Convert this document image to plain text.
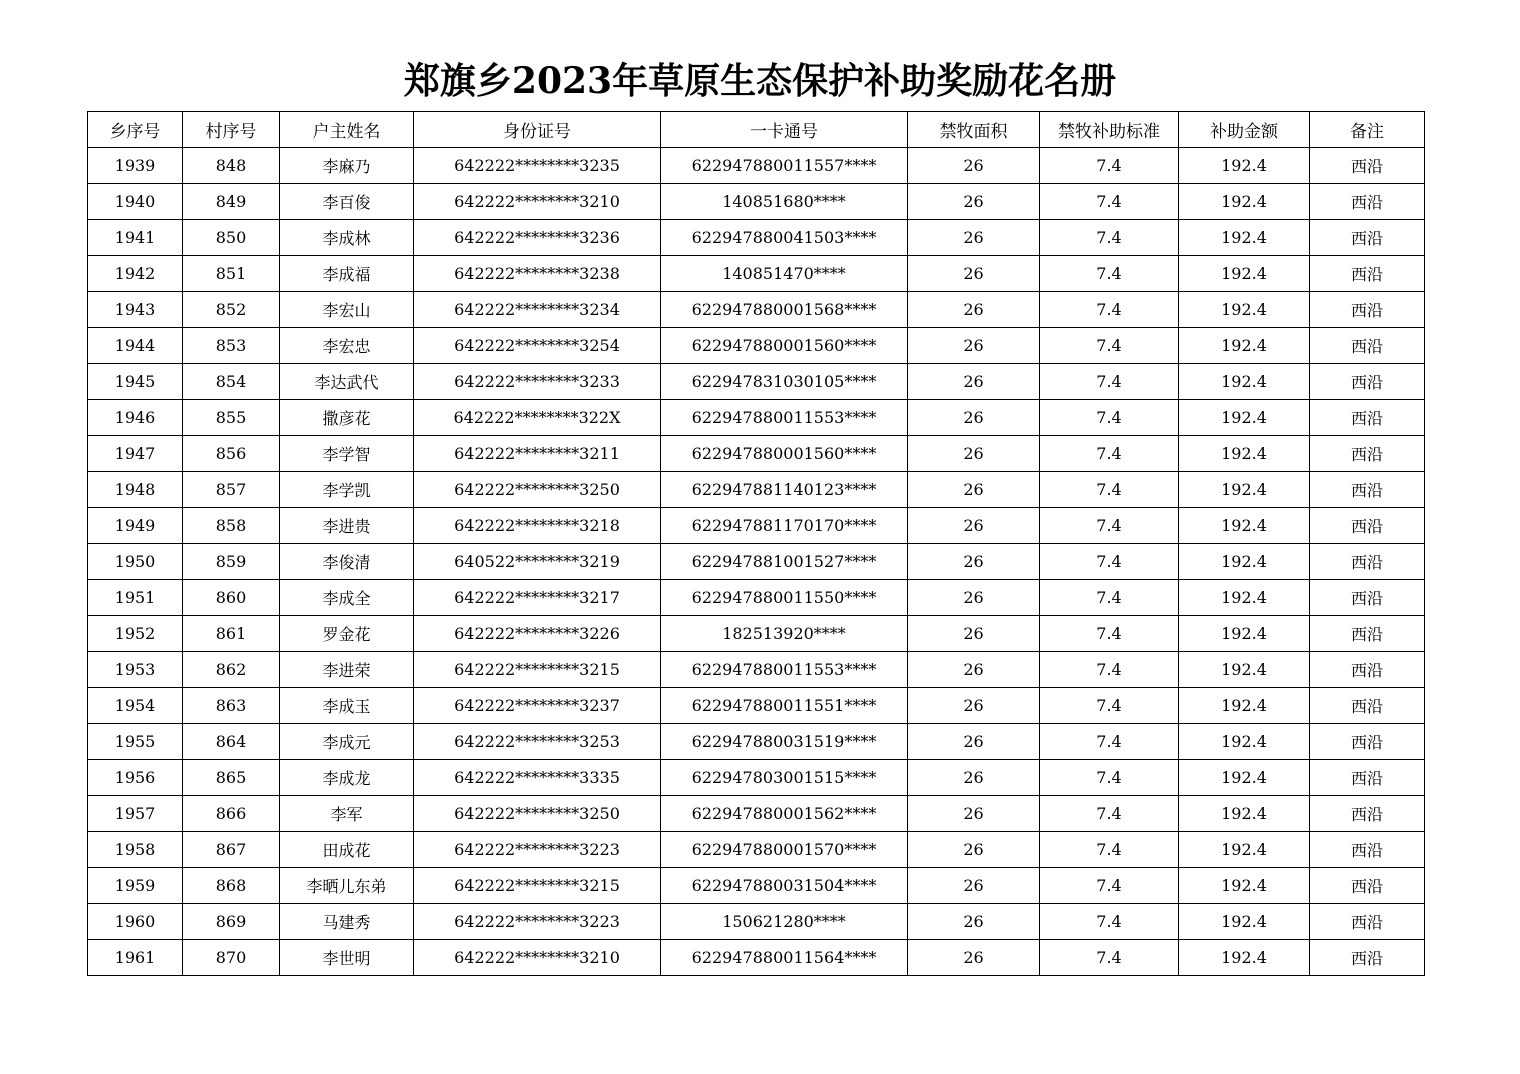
郑旗乡2023年草原生态保护补助奖励花名册
乡序号	村序号	户主姓名	身份证号	一卡通号	禁牧面积	禁牧补助标准	补助金额	备注
1939	848	李麻乃	642222********3235	622947880011557****	26	7.4	192.4	西沿
1940	849	李百俊	642222********3210	140851680****	26	7.4	192.4	西沿
1941	850	李成林	642222********3236	622947880041503****	26	7.4	192.4	西沿
1942	851	李成福	642222********3238	140851470****	26	7.4	192.4	西沿
1943	852	李宏山	642222********3234	622947880001568****	26	7.4	192.4	西沿
1944	853	李宏忠	642222********3254	622947880001560****	26	7.4	192.4	西沿
1945	854	李达武代	642222********3233	622947831030105****	26	7.4	192.4	西沿
1946	855	撒彦花	642222********322X	622947880011553****	26	7.4	192.4	西沿
1947	856	李学智	642222********3211	622947880001560****	26	7.4	192.4	西沿
1948	857	李学凯	642222********3250	622947881140123****	26	7.4	192.4	西沿
1949	858	李进贵	642222********3218	622947881170170****	26	7.4	192.4	西沿
1950	859	李俊清	640522********3219	622947881001527****	26	7.4	192.4	西沿
1951	860	李成全	642222********3217	622947880011550****	26	7.4	192.4	西沿
1952	861	罗金花	642222********3226	182513920****	26	7.4	192.4	西沿
1953	862	李进荣	642222********3215	622947880011553****	26	7.4	192.4	西沿
1954	863	李成玉	642222********3237	622947880011551****	26	7.4	192.4	西沿
1955	864	李成元	642222********3253	622947880031519****	26	7.4	192.4	西沿
1956	865	李成龙	642222********3335	622947803001515****	26	7.4	192.4	西沿
1957	866	李军	642222********3250	622947880001562****	26	7.4	192.4	西沿
1958	867	田成花	642222********3223	622947880001570****	26	7.4	192.4	西沿
1959	868	李晒儿东弟	642222********3215	622947880031504****	26	7.4	192.4	西沿
1960	869	马建秀	642222********3223	150621280****	26	7.4	192.4	西沿
1961	870	李世明	642222********3210	622947880011564****	26	7.4	192.4	西沿
